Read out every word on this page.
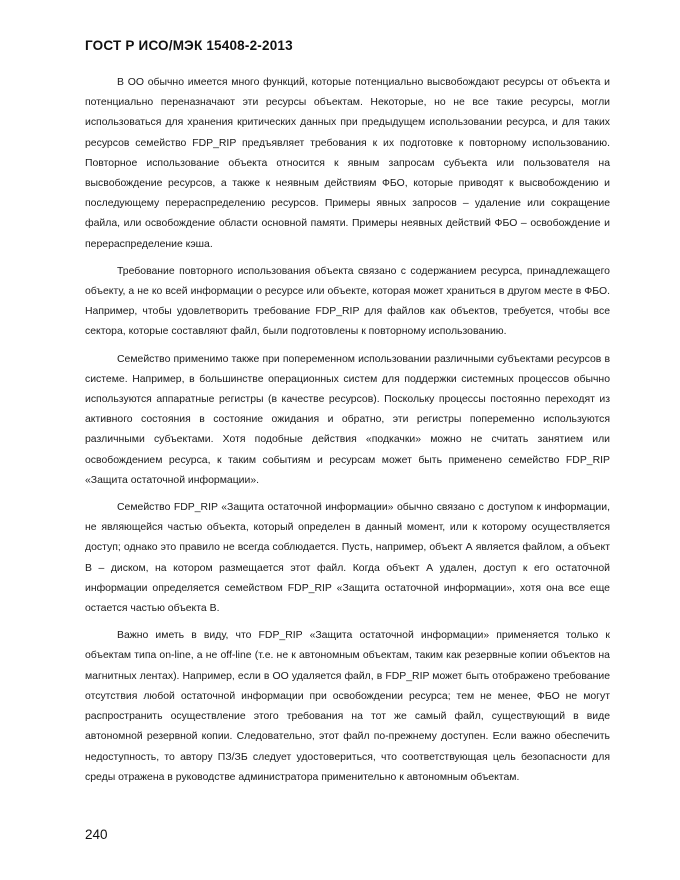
ГОСТ Р ИСО/МЭК 15408-2-2013

В ОО обычно имеется много функций, которые потенциально высвобождают ресурсы от объекта и потенциально переназначают эти ресурсы объектам. Некоторые, но не все такие ресурсы, могли использоваться для хранения критических данных при предыдущем использовании ресурса, и для таких ресурсов семейство FDP_RIP предъявляет требования к их подготовке к повторному использованию. Повторное использование объекта относится к явным запросам субъекта или пользователя на высвобождение ресурсов, а также к неявным действиям ФБО, которые приводят к высвобождению и последующему перераспределению ресурсов. Примеры явных запросов – удаление или сокращение файла, или освобождение области основной памяти. Примеры неявных действий ФБО – освобождение и перераспределение кэша.

Требование повторного использования объекта связано с содержанием ресурса, принадлежащего объекту, а не ко всей информации о ресурсе или объекте, которая может храниться в другом месте в ФБО. Например, чтобы удовлетворить требование FDP_RIP для файлов как объектов, требуется, чтобы все сектора, которые составляют файл, были подготовлены к повторному использованию.

Семейство применимо также при попеременном использовании различными субъектами ресурсов в системе. Например, в большинстве операционных систем для поддержки системных процессов обычно используются аппаратные регистры (в качестве ресурсов). Поскольку процессы постоянно переходят из активного состояния в состояние ожидания и обратно, эти регистры попеременно используются различными субъектами. Хотя подобные действия «подкачки» можно не считать занятием или освобождением ресурса, к таким событиям и ресурсам может быть применено семейство FDP_RIP «Защита остаточной информации».

Семейство FDP_RIP «Защита остаточной информации» обычно связано с доступом к информации, не являющейся частью объекта, который определен в данный момент, или к которому осуществляется доступ; однако это правило не всегда соблюдается. Пусть, например, объект А является файлом, а объект В – диском, на котором размещается этот файл. Когда объект А удален, доступ к его остаточной информации определяется семейством FDP_RIP «Защита остаточной информации», хотя она все еще остается частью объекта В.

Важно иметь в виду, что FDP_RIP «Защита остаточной информации» применяется только к объектам типа on-line, а не off-line (т.е. не к автономным объектам, таким как резервные копии объектов на магнитных лентах). Например, если в ОО удаляется файл, в FDP_RIP может быть отображено требование отсутствия любой остаточной информации при освобождении ресурса; тем не менее, ФБО не могут распространить осуществление этого требования на тот же самый файл, существующий в виде автономной резервной копии. Следовательно, этот файл по-прежнему доступен. Если важно обеспечить недоступность, то автору ПЗ/ЗБ следует удостовериться, что соответствующая цель безопасности для среды отражена в руководстве администратора применительно к автономным объектам.

240
